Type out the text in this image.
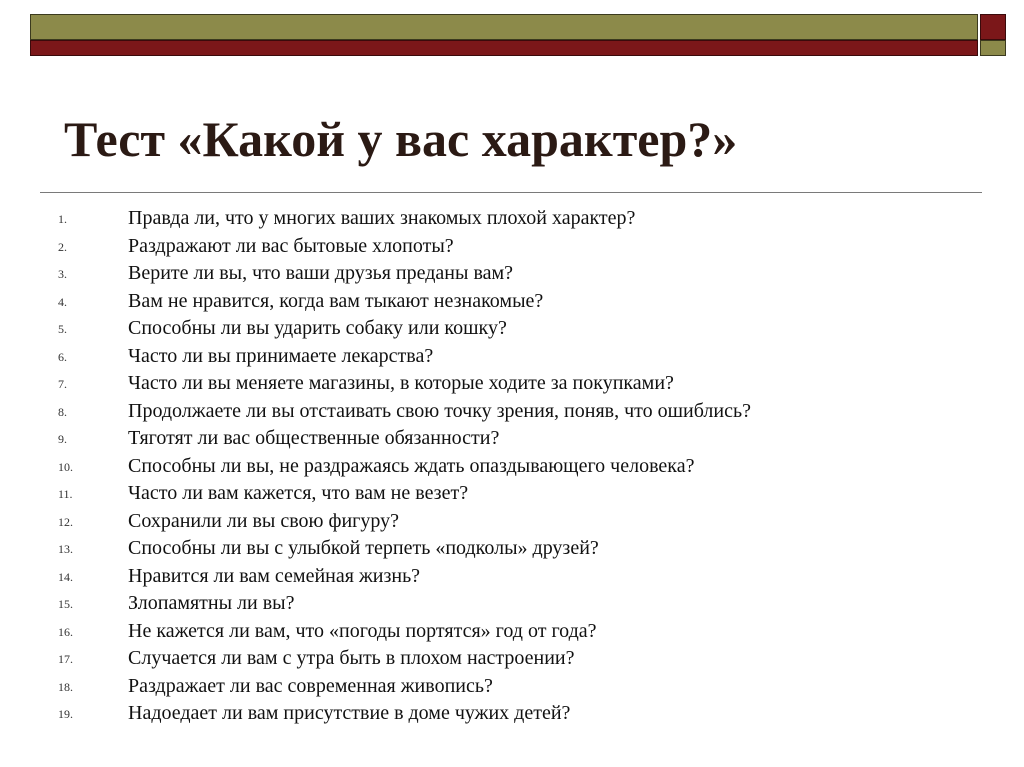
Тест «Какой у вас характер?»
1.	Правда ли, что у многих ваших знакомых плохой характер?
2.	Раздражают ли вас бытовые хлопоты?
3.	Верите ли вы, что ваши друзья преданы вам?
4.	Вам не нравится, когда вам тыкают незнакомые?
5.	Способны ли вы ударить собаку или кошку?
6.	Часто ли вы принимаете лекарства?
7.	Часто ли вы меняете магазины, в которые ходите за покупками?
8.	Продолжаете ли вы отстаивать свою точку зрения, поняв, что ошиблись?
9.	Тяготят ли вас общественные обязанности?
10.	Способны ли вы, не раздражаясь ждать опаздывающего человека?
11.	Часто ли вам кажется, что вам не везет?
12.	Сохранили ли вы свою фигуру?
13.	Способны ли вы с улыбкой терпеть «подколы» друзей?
14.	Нравится ли вам семейная жизнь?
15.	Злопамятны ли вы?
16.	Не кажется ли вам, что «погоды портятся» год от года?
17.	Случается ли вам с утра быть в плохом настроении?
18.	Раздражает ли вас современная живопись?
19.	Надоедает ли вам присутствие в доме чужих детей?
